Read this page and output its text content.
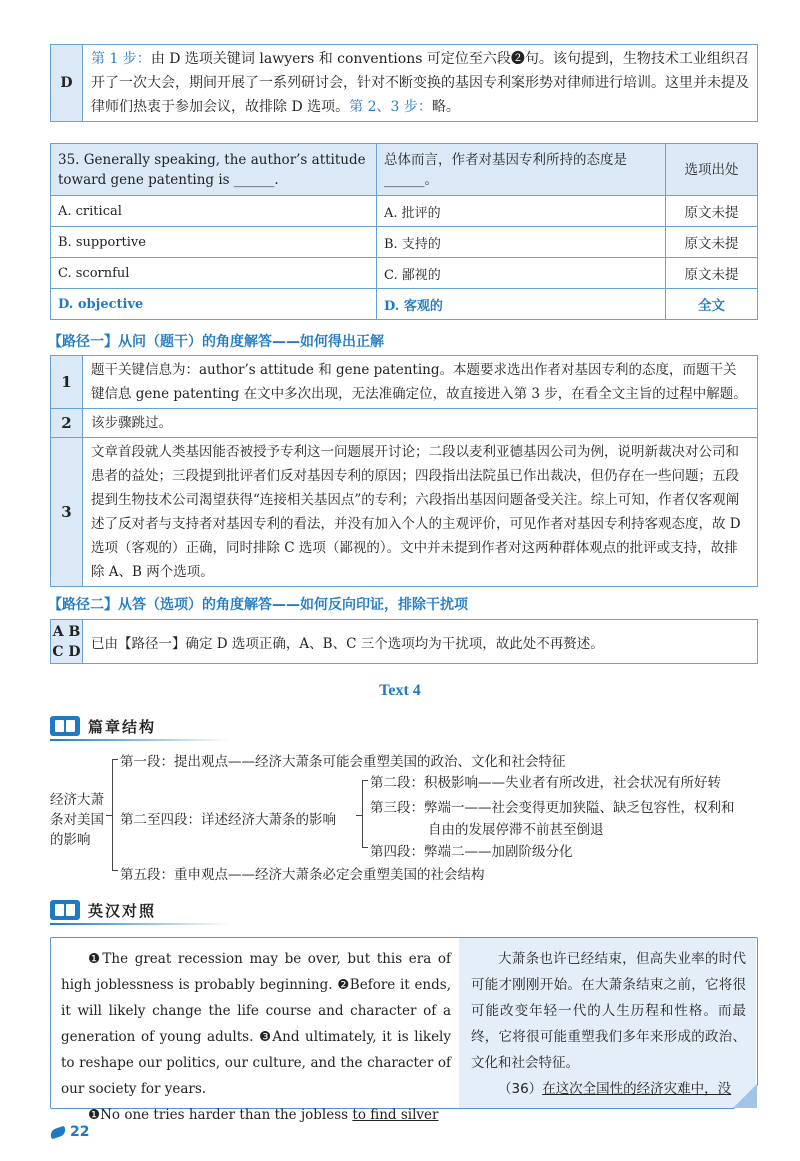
D	第 1 步：由 D 选项关键词 lawyers 和 conventions 可定位至六段❷句。该句提到，生物技术工业组织召开了一次大会，期间开展了一系列研讨会，针对不断变换的基因专利案形势对律师进行培训。这里并未提及律师们热衷于参加会议，故排除 D 选项。第 2、3 步：略。
35. Generally speaking, the author’s attitude toward gene patenting is ______.	总体而言，作者对基因专利所持的态度是______。	选项出处
A. critical	A. 批评的	原文未提
B. supportive	B. 支持的	原文未提
C. scornful	C. 鄙视的	原文未提
D. objective	D. 客观的	全文
【路径一】从问（题干）的角度解答——如何得出正解
1	题干关键信息为：author’s attitude 和 gene patenting。本题要求选出作者对基因专利的态度，而题干关键信息 gene patenting 在文中多次出现，无法准确定位，故直接进入第 3 步，在看全文主旨的过程中解题。
2	该步骤跳过。
3	文章首段就人类基因能否被授予专利这一问题展开讨论；二段以麦利亚德基因公司为例，说明新裁决对公司和患者的益处；三段提到批评者们反对基因专利的原因；四段指出法院虽已作出裁决，但仍存在一些问题；五段提到生物技术公司渴望获得“连接相关基因点”的专利；六段指出基因问题备受关注。综上可知，作者仅客观阐述了反对者与支持者对基因专利的看法，并没有加入个人的主观评价，可见作者对基因专利持客观态度，故 D 选项（客观的）正确，同时排除 C 选项（鄙视的）。文中并未提到作者对这两种群体观点的批评或支持，故排除 A、B 两个选项。
【路径二】从答（选项）的角度解答——如何反向印证，排除干扰项
A B
C D	已由【路径一】确定 D 选项正确，A、B、C 三个选项均为干扰项，故此处不再赘述。
Text 4
篇章结构
经济大萧条对美国的影响
第一段：提出观点——经济大萧条可能会重塑美国的政治、文化和社会特征
第二至四段：详述经济大萧条的影响
第二段：积极影响——失业者有所改进，社会状况有所好转
第三段：弊端一——社会变得更加狭隘、缺乏包容性，权利和
自由的发展停滞不前甚至倒退
第四段：弊端二——加剧阶级分化
第五段：重申观点——经济大萧条必定会重塑美国的社会结构
英汉对照

❶The great recession may be over, but this era of high joblessness is probably beginning. ❷Before it ends, it will likely change the life course and character of a generation of young adults. ❸And ultimately, it is likely to reshape our politics, our culture, and the character of our society for years.

❶No one tries harder than the jobless to find silver

大萧条也许已经结束，但高失业率的时代可能才刚刚开始。在大萧条结束之前，它将很可能改变年轻一代的人生历程和性格。而最终，它将很可能重塑我们多年来形成的政治、文化和社会特征。

（36）在这次全国性的经济灾难中，没

22
